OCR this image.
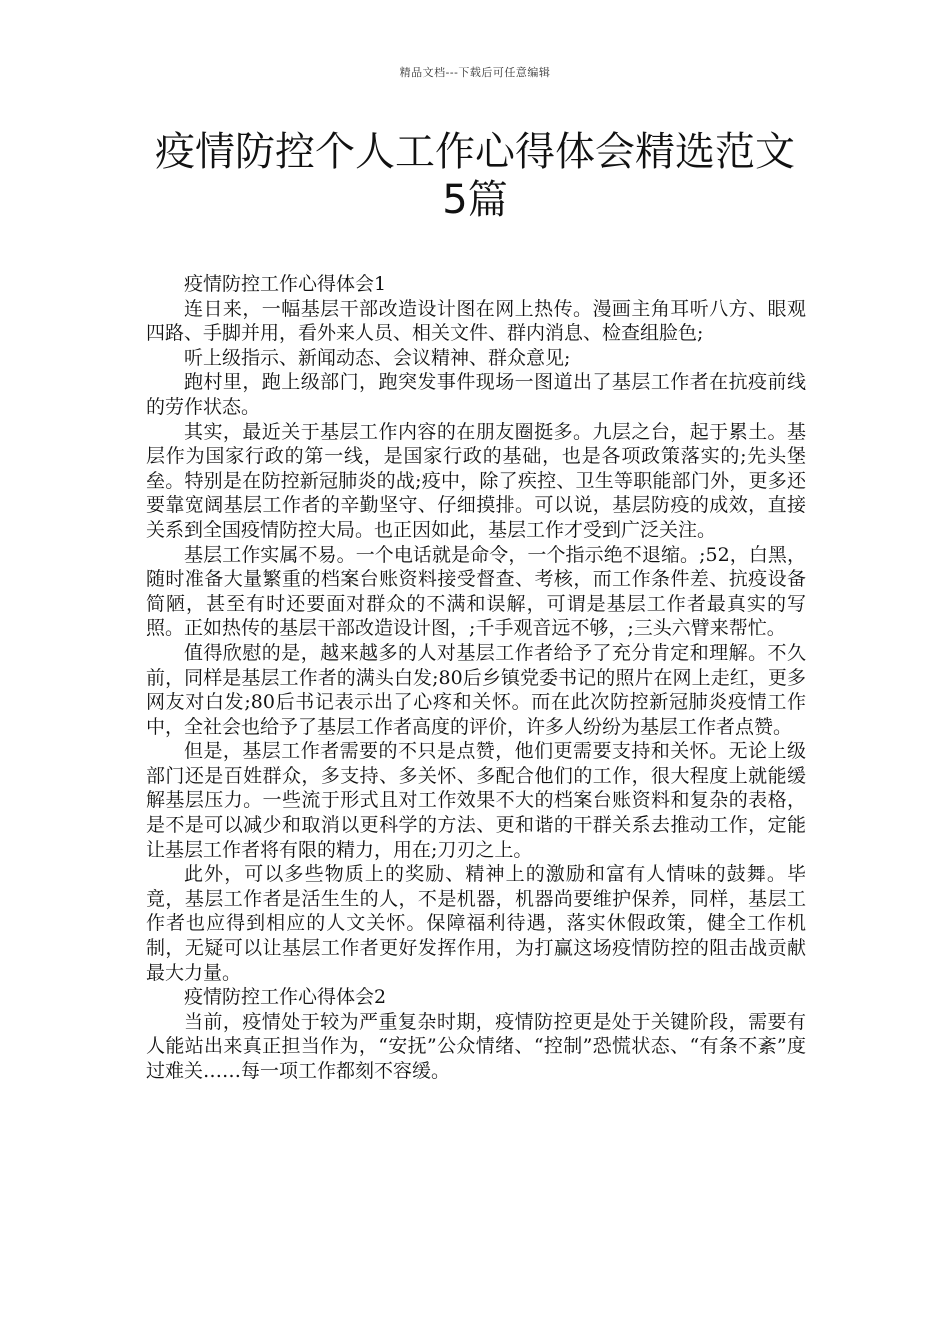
精品文档---下载后可任意编辑
疫情防控个人工作心得体会精选范文5篇

疫情防控工作心得体会1

连日来，一幅基层干部改造设计图在网上热传。漫画主角耳听八方、眼观四路、手脚并用，看外来人员、相关文件、群内消息、检查组脸色;

听上级指示、新闻动态、会议精神、群众意见;

跑村里，跑上级部门，跑突发事件现场一图道出了基层工作者在抗疫前线的劳作状态。

其实，最近关于基层工作内容的在朋友圈挺多。九层之台，起于累土。基层作为国家行政的第一线，是国家行政的基础，也是各项政策落实的;先头堡垒。特别是在防控新冠肺炎的战;疫中，除了疾控、卫生等职能部门外，更多还要靠宽阔基层工作者的辛勤坚守、仔细摸排。可以说，基层防疫的成效，直接关系到全国疫情防控大局。也正因如此，基层工作才受到广泛关注。

基层工作实属不易。一个电话就是命令，一个指示绝不退缩。;52，白黑，随时准备大量繁重的档案台账资料接受督查、考核，而工作条件差、抗疫设备简陋，甚至有时还要面对群众的不满和误解，可谓是基层工作者最真实的写照。正如热传的基层干部改造设计图，;千手观音远不够，;三头六臂来帮忙。

值得欣慰的是，越来越多的人对基层工作者给予了充分肯定和理解。不久前，同样是基层工作者的满头白发;80后乡镇党委书记的照片在网上走红，更多网友对白发;80后书记表示出了心疼和关怀。而在此次防控新冠肺炎疫情工作中，全社会也给予了基层工作者高度的评价，许多人纷纷为基层工作者点赞。

但是，基层工作者需要的不只是点赞，他们更需要支持和关怀。无论上级部门还是百姓群众，多支持、多关怀、多配合他们的工作，很大程度上就能缓解基层压力。一些流于形式且对工作效果不大的档案台账资料和复杂的表格，是不是可以减少和取消以更科学的方法、更和谐的干群关系去推动工作，定能让基层工作者将有限的精力，用在;刀刃之上。

此外，可以多些物质上的奖励、精神上的激励和富有人情味的鼓舞。毕竟，基层工作者是活生生的人，不是机器，机器尚要维护保养，同样，基层工作者也应得到相应的人文关怀。保障福利待遇，落实休假政策，健全工作机制，无疑可以让基层工作者更好发挥作用，为打赢这场疫情防控的阻击战贡献最大力量。

疫情防控工作心得体会2

当前，疫情处于较为严重复杂时期，疫情防控更是处于关键阶段，需要有人能站出来真正担当作为，“安抚”公众情绪、“控制”恐慌状态、“有条不紊”度过难关……每一项工作都刻不容缓。
